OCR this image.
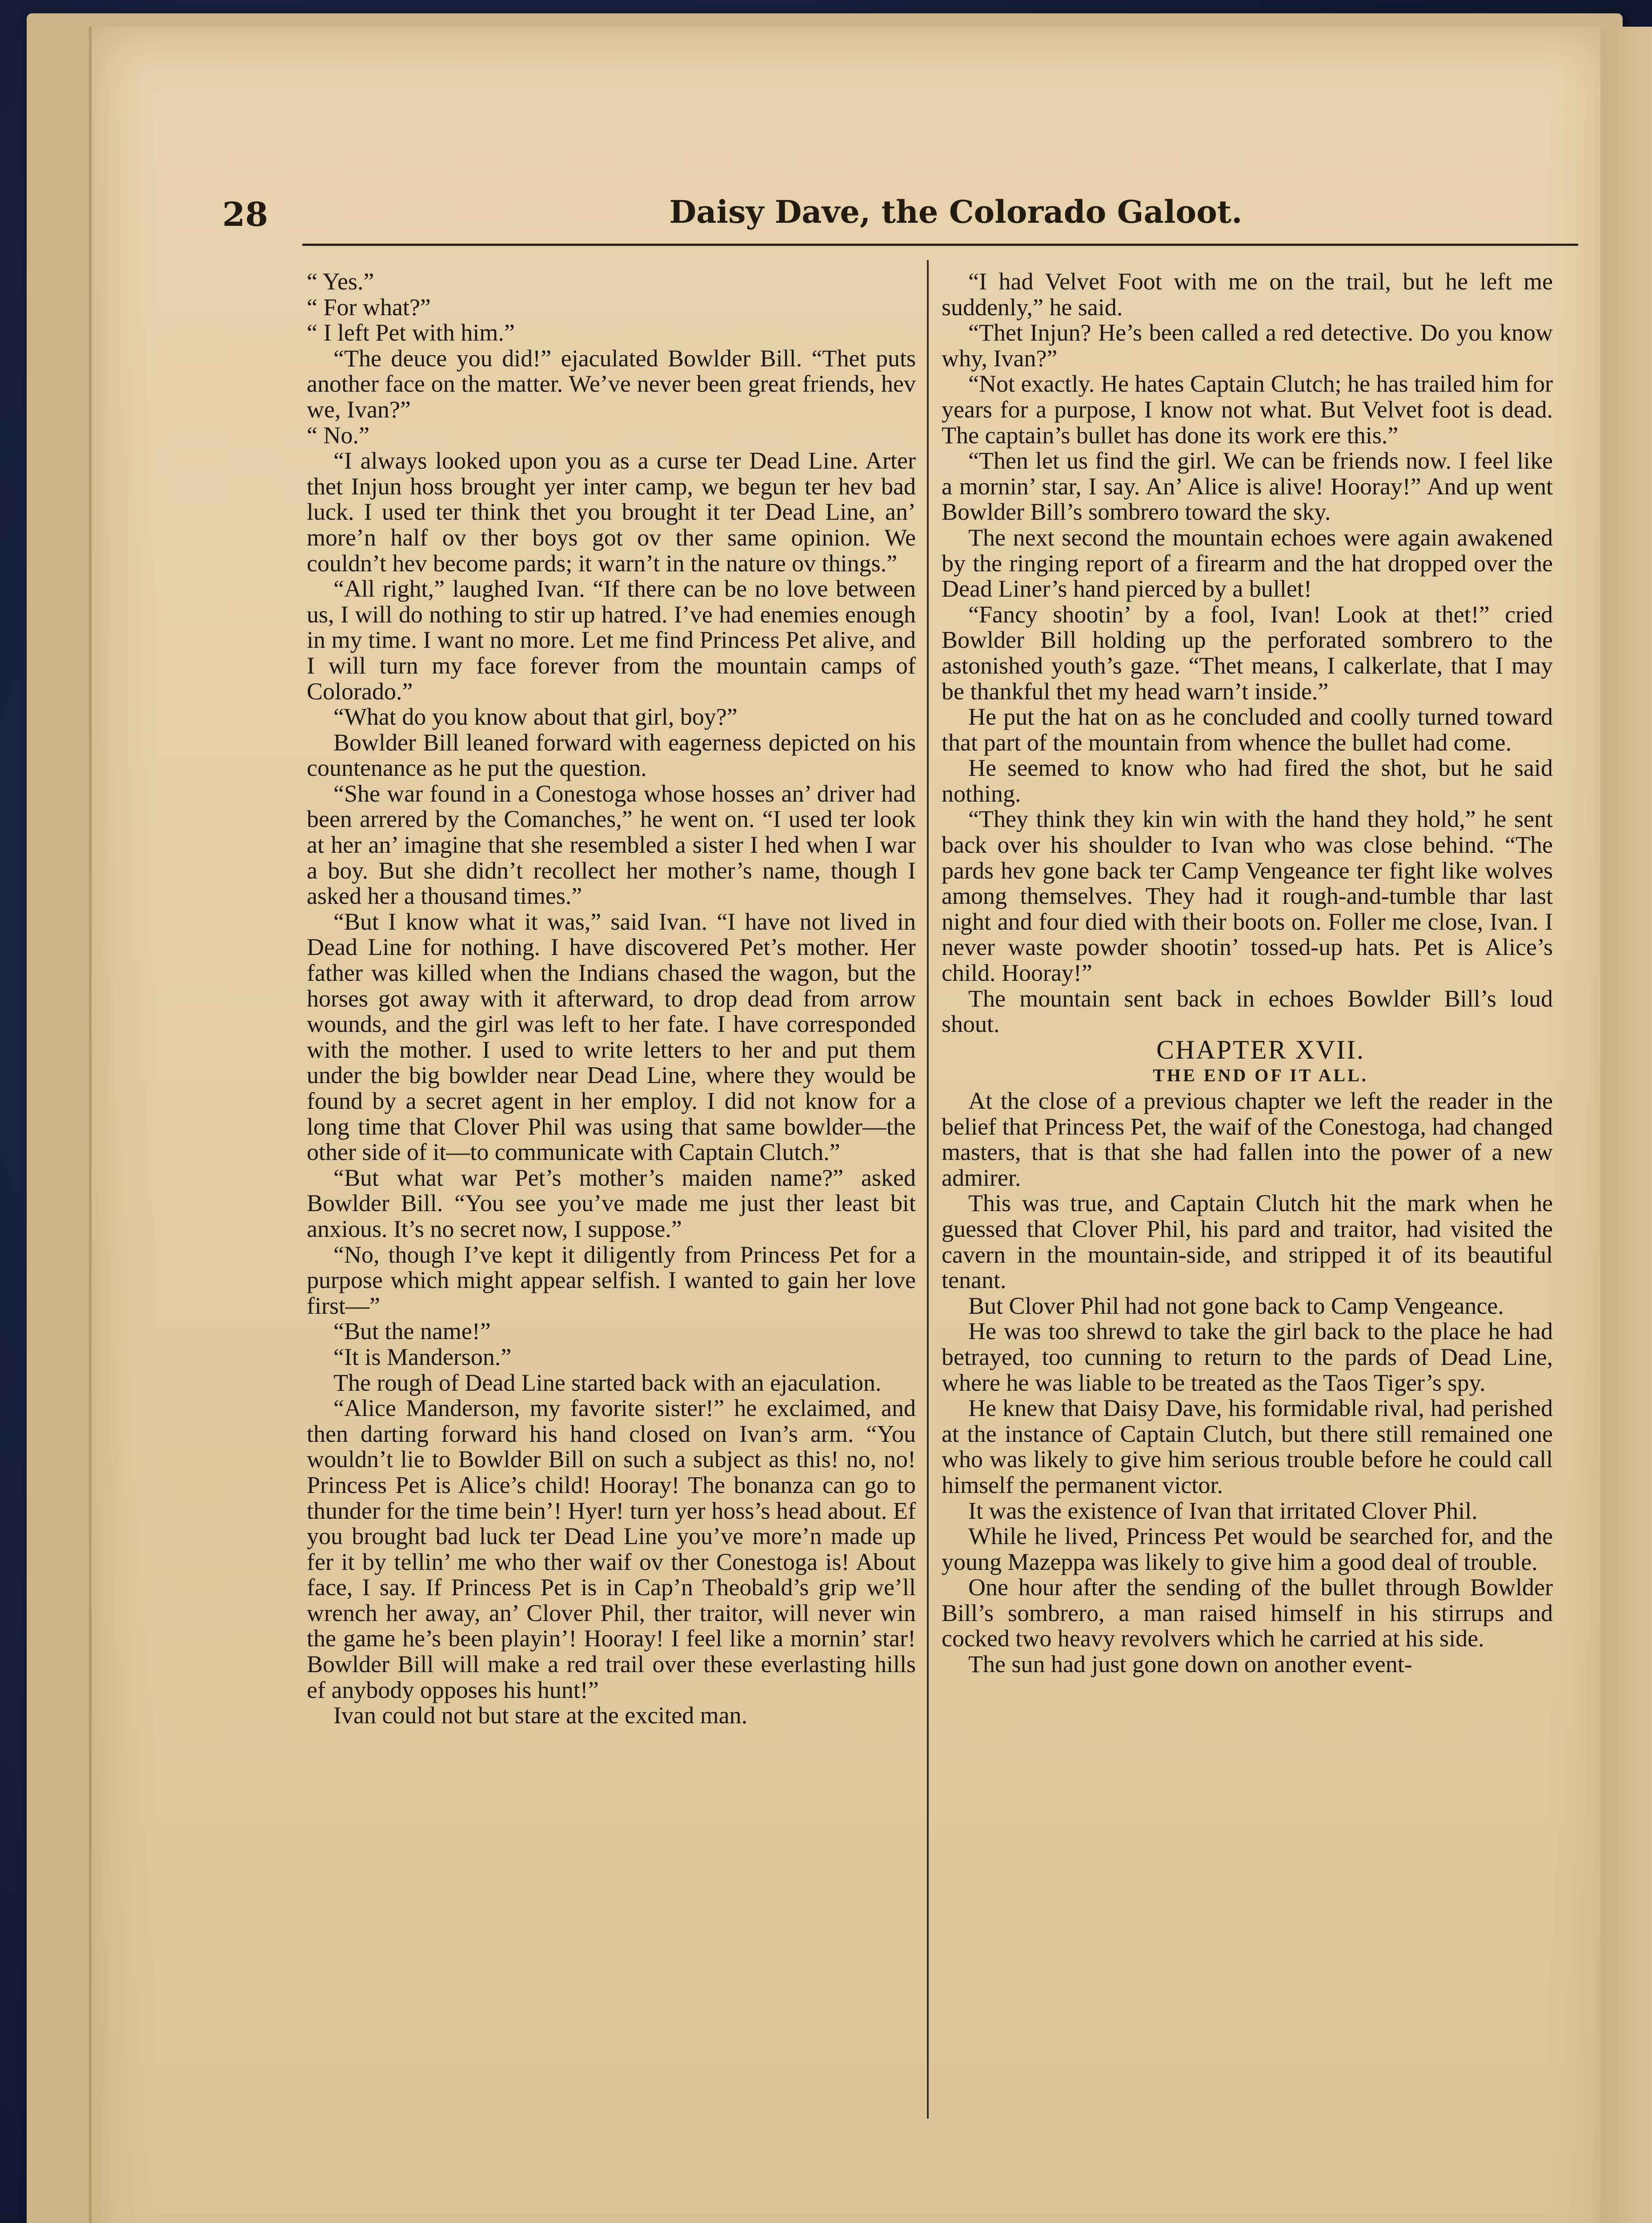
28	Daisy Dave, the Colorado Galoot.

“ Yes.”

“ For what?”

“ I left Pet with him.”

“The deuce you did!” ejaculated Bowlder Bill. “Thet puts another face on the matter. We’ve never been great friends, hev we, Ivan?”

“ No.”

“I always looked upon you as a curse ter Dead Line. Arter thet Injun hoss brought yer inter camp, we begun ter hev bad luck. I used ter think thet you brought it ter Dead Line, an’ more’n half ov ther boys got ov ther same opinion. We couldn’t hev become pards; it warn’t in the nature ov things.”

“All right,” laughed Ivan. “If there can be no love between us, I will do nothing to stir up hatred. I’ve had enemies enough in my time. I want no more. Let me find Princess Pet alive, and I will turn my face forever from the mountain camps of Colorado.”

“What do you know about that girl, boy?”

Bowlder Bill leaned forward with eagerness depicted on his countenance as he put the question.

“She war found in a Conestoga whose hosses an’ driver had been arrered by the Comanches,” he went on. “I used ter look at her an’ imagine that she resembled a sister I hed when I war a boy. But she didn’t recollect her mother’s name, though I asked her a thousand times.”

“But I know what it was,” said Ivan. “I have not lived in Dead Line for nothing. I have discovered Pet’s mother. Her father was killed when the Indians chased the wagon, but the horses got away with it afterward, to drop dead from arrow wounds, and the girl was left to her fate. I have corresponded with the mother. I used to write letters to her and put them under the big bowlder near Dead Line, where they would be found by a secret agent in her employ. I did not know for a long time that Clover Phil was using that same bowlder—the other side of it—to communicate with Captain Clutch.”

“But what war Pet’s mother’s maiden name?” asked Bowlder Bill. “You see you’ve made me just ther least bit anxious. It’s no secret now, I suppose.”

“No, though I’ve kept it diligently from Princess Pet for a purpose which might appear selfish. I wanted to gain her love first—”

“But the name!”

“It is Manderson.”

The rough of Dead Line started back with an ejaculation.

“Alice Manderson, my favorite sister!” he exclaimed, and then darting forward his hand closed on Ivan’s arm. “You wouldn’t lie to Bowlder Bill on such a subject as this! no, no! Princess Pet is Alice’s child! Hooray! The bonanza can go to thunder for the time bein’! Hyer! turn yer hoss’s head about. Ef you brought bad luck ter Dead Line you’ve more’n made up fer it by tellin’ me who ther waif ov ther Conestoga is! About face, I say. If Princess Pet is in Cap’n Theobald’s grip we’ll wrench her away, an’ Clover Phil, ther traitor, will never win the game he’s been playin’! Hooray! I feel like a mornin’ star! Bowlder Bill will make a red trail over these everlasting hills ef anybody opposes his hunt!”

Ivan could not but stare at the excited man.

“I had Velvet Foot with me on the trail, but he left me suddenly,” he said.

“Thet Injun? He’s been called a red detective. Do you know why, Ivan?”

“Not exactly. He hates Captain Clutch; he has trailed him for years for a purpose, I know not what. But Velvet foot is dead. The captain’s bullet has done its work ere this.”

“Then let us find the girl. We can be friends now. I feel like a mornin’ star, I say. An’ Alice is alive! Hooray!” And up went Bowlder Bill’s sombrero toward the sky.

The next second the mountain echoes were again awakened by the ringing report of a firearm and the hat dropped over the Dead Liner’s hand pierced by a bullet!

“Fancy shootin’ by a fool, Ivan! Look at thet!” cried Bowlder Bill holding up the perforated sombrero to the astonished youth’s gaze. “Thet means, I calkerlate, that I may be thankful thet my head warn’t inside.”

He put the hat on as he concluded and coolly turned toward that part of the mountain from whence the bullet had come.

He seemed to know who had fired the shot, but he said nothing.

“They think they kin win with the hand they hold,” he sent back over his shoulder to Ivan who was close behind. “The pards hev gone back ter Camp Vengeance ter fight like wolves among themselves. They had it rough-and-tumble thar last night and four died with their boots on. Foller me close, Ivan. I never waste powder shootin’ tossed-up hats. Pet is Alice’s child. Hooray!”

The mountain sent back in echoes Bowlder Bill’s loud shout.

CHAPTER XVII.

THE END OF IT ALL.

At the close of a previous chapter we left the reader in the belief that Princess Pet, the waif of the Conestoga, had changed masters, that is that she had fallen into the power of a new admirer.

This was true, and Captain Clutch hit the mark when he guessed that Clover Phil, his pard and traitor, had visited the cavern in the mountain-side, and stripped it of its beautiful tenant.

But Clover Phil had not gone back to Camp Vengeance.

He was too shrewd to take the girl back to the place he had betrayed, too cunning to return to the pards of Dead Line, where he was liable to be treated as the Taos Tiger’s spy.

He knew that Daisy Dave, his formidable rival, had perished at the instance of Captain Clutch, but there still remained one who was likely to give him serious trouble before he could call himself the permanent victor.

It was the existence of Ivan that irritated Clover Phil.

While he lived, Princess Pet would be searched for, and the young Mazeppa was likely to give him a good deal of trouble.

One hour after the sending of the bullet through Bowlder Bill’s sombrero, a man raised himself in his stirrups and cocked two heavy revolvers which he carried at his side.

The sun had just gone down on another event-
